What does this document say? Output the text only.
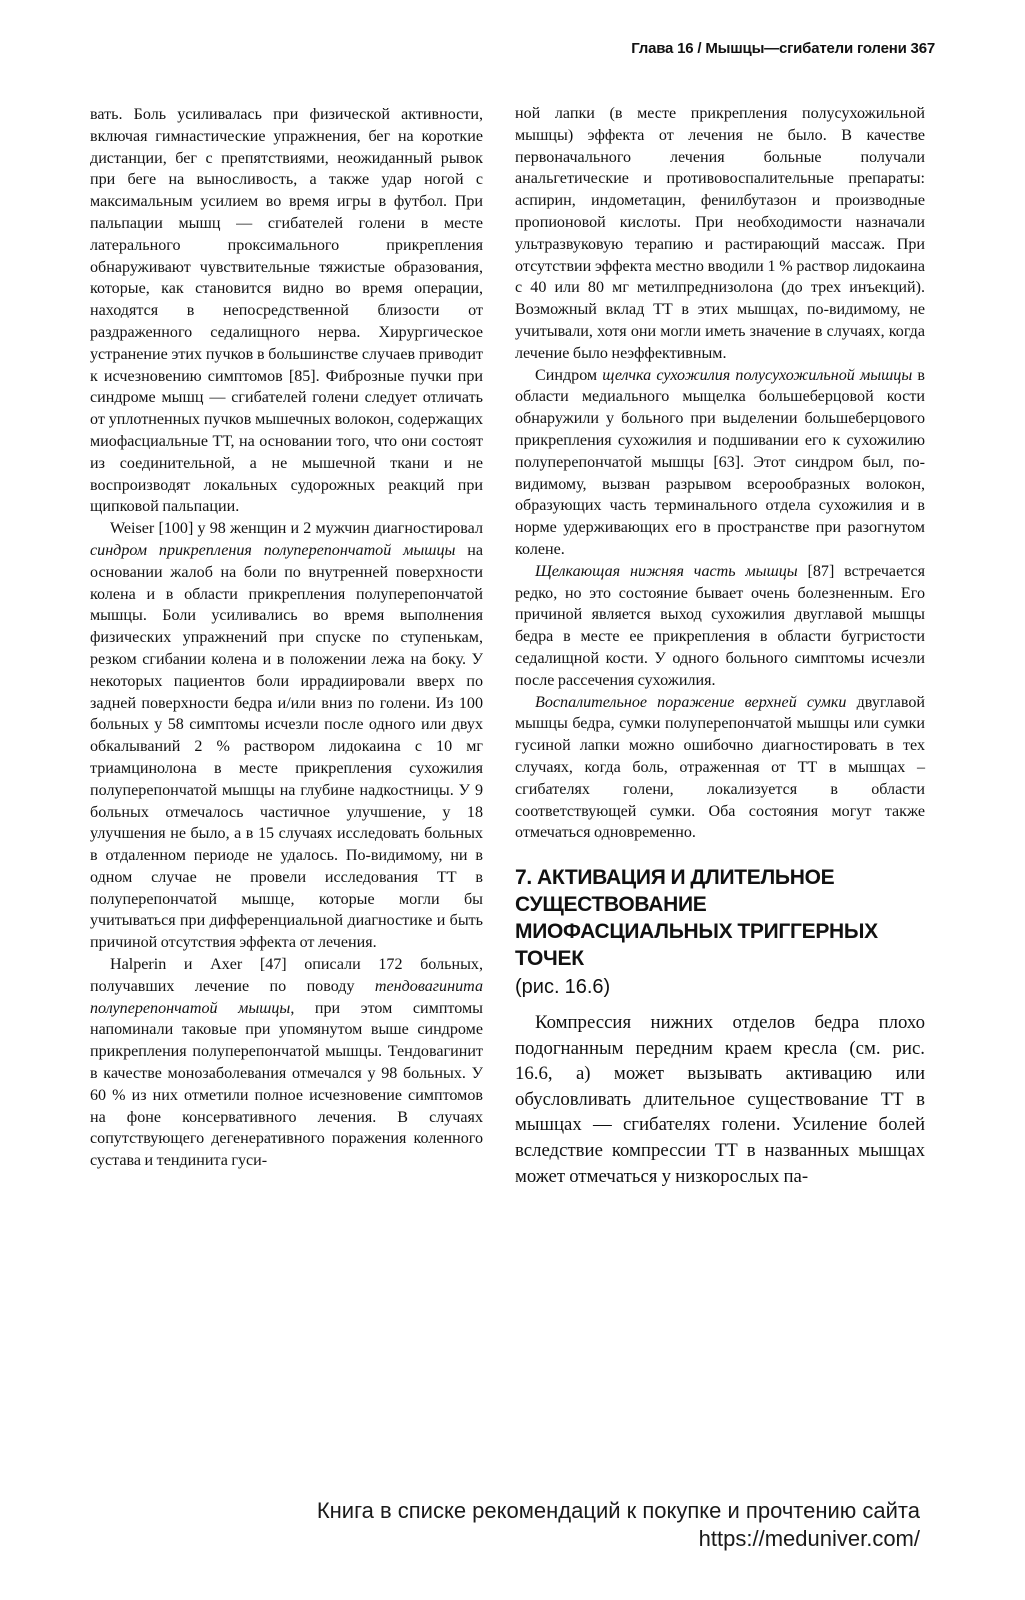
Глава 16 / Мышцы—сгибатели голени 367

вать. Боль усиливалась при физической активности, включая гимнастические упражнения, бег на короткие дистанции, бег с препятствиями, неожиданный рывок при беге на выносливость, а также удар ногой с максимальным усилием во время игры в футбол. При пальпации мышц — сгибателей голени в месте латерального проксимального прикрепления обнаруживают чувствительные тяжистые образования, которые, как становится видно во время операции, находятся в непосредственной близости от раздраженного седалищного нерва. Хирургическое устранение этих пучков в большинстве случаев приводит к исчезновению симптомов [85]. Фиброзные пучки при синдроме мышц — сгибателей голени следует отличать от уплотненных пучков мышечных волокон, содержащих миофасциальные ТТ, на основании того, что они состоят из соединительной, а не мышечной ткани и не воспроизводят локальных судорожных реакций при щипковой пальпации.

Weiser [100] у 98 женщин и 2 мужчин диагностировал синдром прикрепления полуперепончатой мышцы на основании жалоб на боли по внутренней поверхности колена и в области прикрепления полуперепончатой мышцы. Боли усиливались во время выполнения физических упражнений при спуске по ступенькам, резком сгибании колена и в положении лежа на боку. У некоторых пациентов боли иррадиировали вверх по задней поверхности бедра и/или вниз по голени. Из 100 больных у 58 симптомы исчезли после одного или двух обкалываний 2 % раствором лидокаина с 10 мг триамцинолона в месте прикрепления сухожилия полуперепончатой мышцы на глубине надкостницы. У 9 больных отмечалось частичное улучшение, у 18 улучшения не было, а в 15 случаях исследовать больных в отдаленном периоде не удалось. По-видимому, ни в одном случае не провели исследования ТТ в полуперепончатой мышце, которые могли бы учитываться при дифференциальной диагностике и быть причиной отсутствия эффекта от лечения.

Halperin и Axer [47] описали 172 больных, получавших лечение по поводу тендовагинита полуперепончатой мышцы, при этом симптомы напоминали таковые при упомянутом выше синдроме прикрепления полуперепончатой мышцы. Тендовагинит в качестве монозаболевания отмечался у 98 больных. У 60 % из них отметили полное исчезновение симптомов на фоне консервативного лечения. В случаях сопутствующего дегенеративного поражения коленного сустава и тендинита гуси-

ной лапки (в месте прикрепления полусухожильной мышцы) эффекта от лечения не было. В качестве первоначального лечения больные получали анальгетические и противовоспалительные препараты: аспирин, индометацин, фенилбутазон и производные пропионовой кислоты. При необходимости назначали ультразвуковую терапию и растирающий массаж. При отсутствии эффекта местно вводили 1 % раствор лидокаина с 40 или 80 мг метилпреднизолона (до трех инъекций). Возможный вклад ТТ в этих мышцах, по-видимому, не учитывали, хотя они могли иметь значение в случаях, когда лечение было неэффективным.

Синдром щелчка сухожилия полусухожильной мышцы в области медиального мыщелка большеберцовой кости обнаружили у больного при выделении большеберцового прикрепления сухожилия и подшивании его к сухожилию полуперепончатой мышцы [63]. Этот синдром был, по-видимому, вызван разрывом всерообразных волокон, образующих часть терминального отдела сухожилия и в норме удерживающих его в пространстве при разогнутом колене.

Щелкающая нижняя часть мышцы [87] встречается редко, но это состояние бывает очень болезненным. Его причиной является выход сухожилия двуглавой мышцы бедра в месте ее прикрепления в области бугристости седалищной кости. У одного больного симптомы исчезли после рассечения сухожилия.

Воспалительное поражение верхней сумки двуглавой мышцы бедра, сумки полуперепончатой мышцы или сумки гусиной лапки можно ошибочно диагностировать в тех случаях, когда боль, отраженная от ТТ в мышцах – сгибателях голени, локализуется в области соответствующей сумки. Оба состояния могут также отмечаться одновременно.

7. АКТИВАЦИЯ И ДЛИТЕЛЬНОЕ СУЩЕСТВОВАНИЕ МИОФАСЦИАЛЬНЫХ ТРИГГЕРНЫХ ТОЧЕК
(рис. 16.6)

Компрессия нижних отделов бедра плохо подогнанным передним краем кресла (см. рис. 16.6, а) может вызывать активацию или обусловливать длительное существование ТТ в мышцах — сгибателях голени. Усиление болей вследствие компрессии ТТ в названных мышцах может отмечаться у низкорослых па-

Книга в списке рекомендаций к покупке и прочтению сайта https://meduniver.com/
